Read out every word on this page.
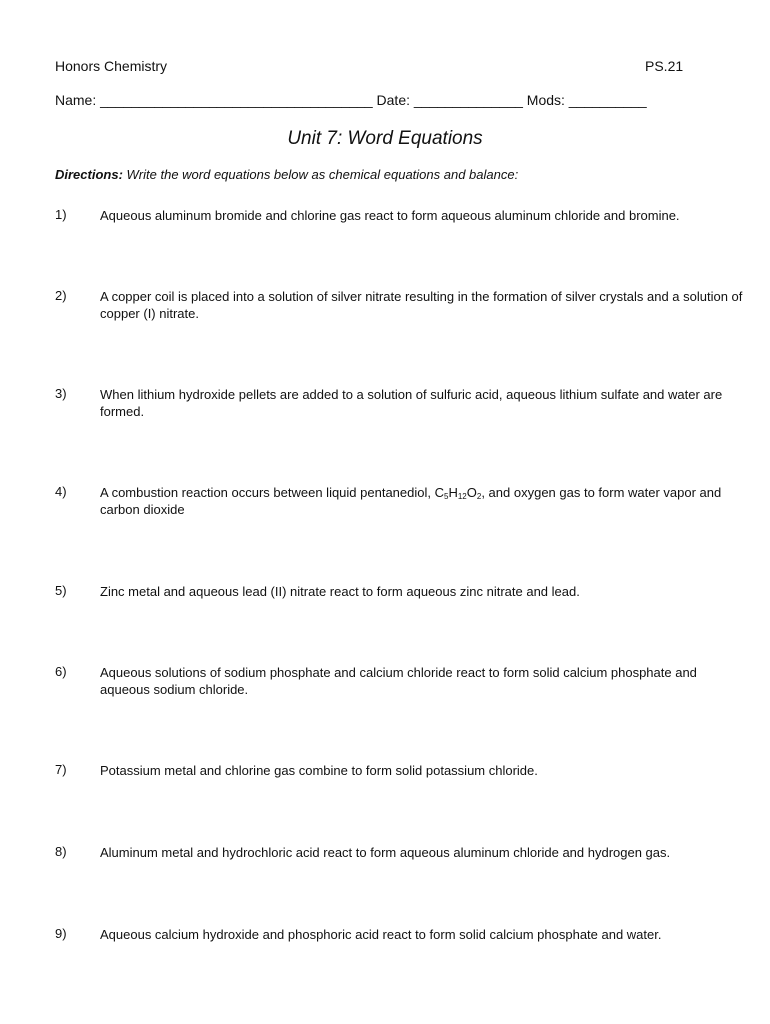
Honors Chemistry	PS.21
Name: ___________________________________ Date: ______________ Mods: __________
Unit 7: Word Equations
Directions: Write the word equations below as chemical equations and balance:
1)	Aqueous aluminum bromide and chlorine gas react to form aqueous aluminum chloride and bromine.
2)	A copper coil is placed into a solution of silver nitrate resulting in the formation of silver crystals and a solution of copper (I) nitrate.
3)	When lithium hydroxide pellets are added to a solution of sulfuric acid, aqueous lithium sulfate and water are formed.
4)	A combustion reaction occurs between liquid pentanediol, $C_5H_{12}O_2$, and oxygen gas to form water vapor and carbon dioxide
5)	Zinc metal and aqueous lead (II) nitrate react to form aqueous zinc nitrate and lead.
6)	Aqueous solutions of sodium phosphate and calcium chloride react to form solid calcium phosphate and aqueous sodium chloride.
7)	Potassium metal and chlorine gas combine to form solid potassium chloride.
8)	Aluminum metal and hydrochloric acid react to form aqueous aluminum chloride and hydrogen gas.
9)	Aqueous calcium hydroxide and phosphoric acid react to form solid calcium phosphate and water.
